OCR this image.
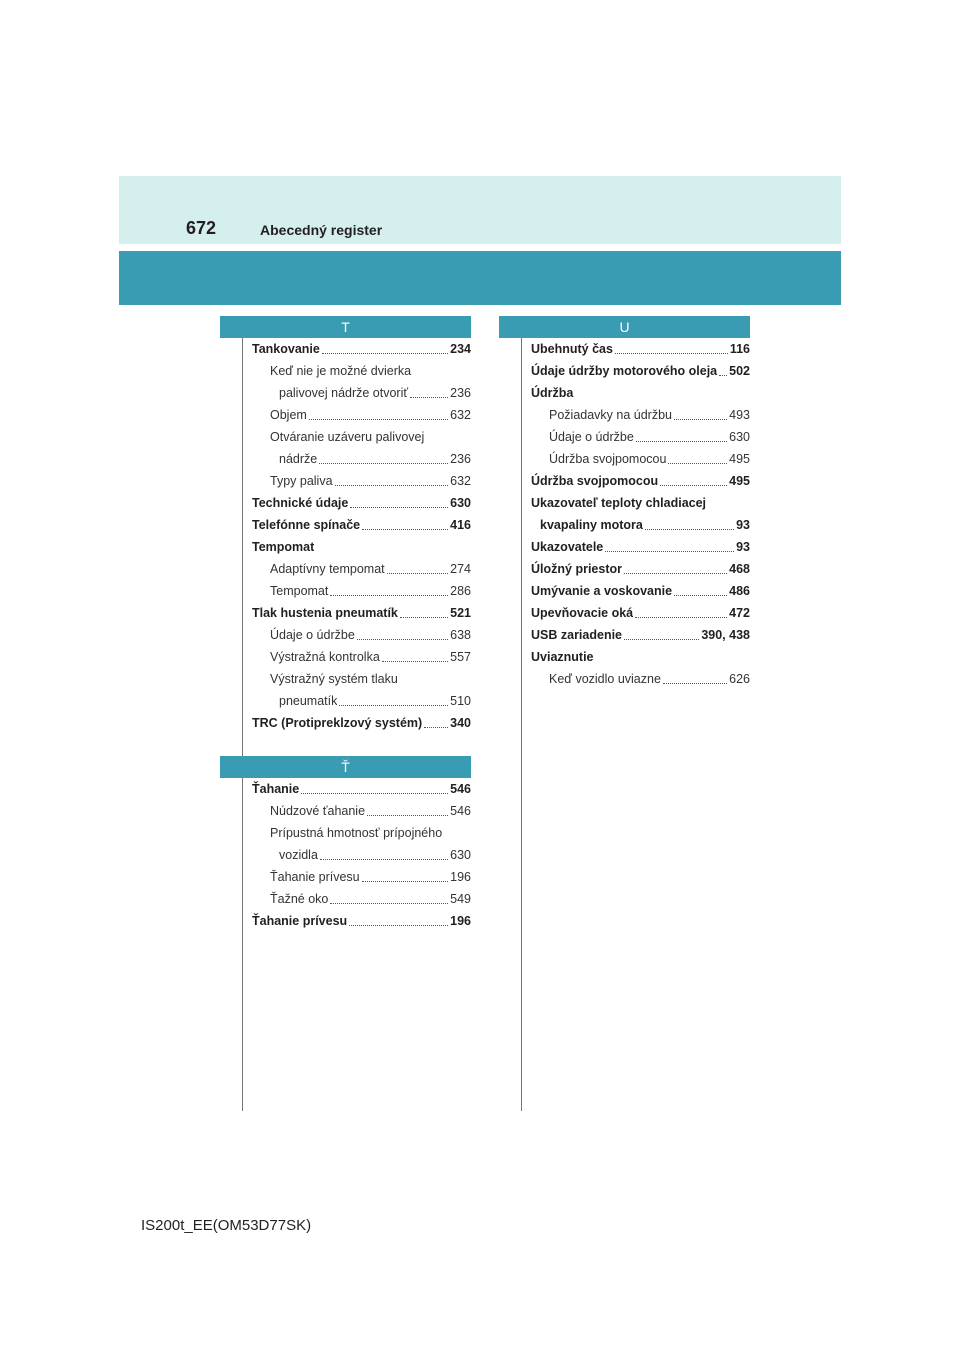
672	Abecedný register
T
Tankovanie	234
Keď nie je možné dvierka
palivovej nádrže otvoriť	236
Objem	632
Otváranie uzáveru palivovej
nádrže	236
Typy paliva	632
Technické údaje	630
Telefónne spínače	416
Tempomat
Adaptívny tempomat	274
Tempomat	286
Tlak hustenia pneumatík	521
Údaje o údržbe	638
Výstražná kontrolka	557
Výstražný systém tlaku
pneumatík	510
TRC (Protipreklzový systém) 340
Ť
Ťahanie	546
Núdzové ťahanie	546
Prípustná hmotnosť prípojného
vozidla	630
Ťahanie prívesu	196
Ťažné oko	549
Ťahanie prívesu	196
U
Ubehnutý čas	116
Údaje údržby motorového oleja 502
Údržba
Požiadavky na údržbu	493
Údaje o údržbe	630
Údržba svojpomocou	495
Údržba svojpomocou	495
Ukazovateľ teploty chladiacej
kvapaliny motora	93
Ukazovatele	93
Úložný priestor	468
Umývanie a voskovanie	486
Upevňovacie oká	472
USB zariadenie	390, 438
Uviaznutie
Keď vozidlo uviazne	626
IS200t_EE(OM53D77SK)
